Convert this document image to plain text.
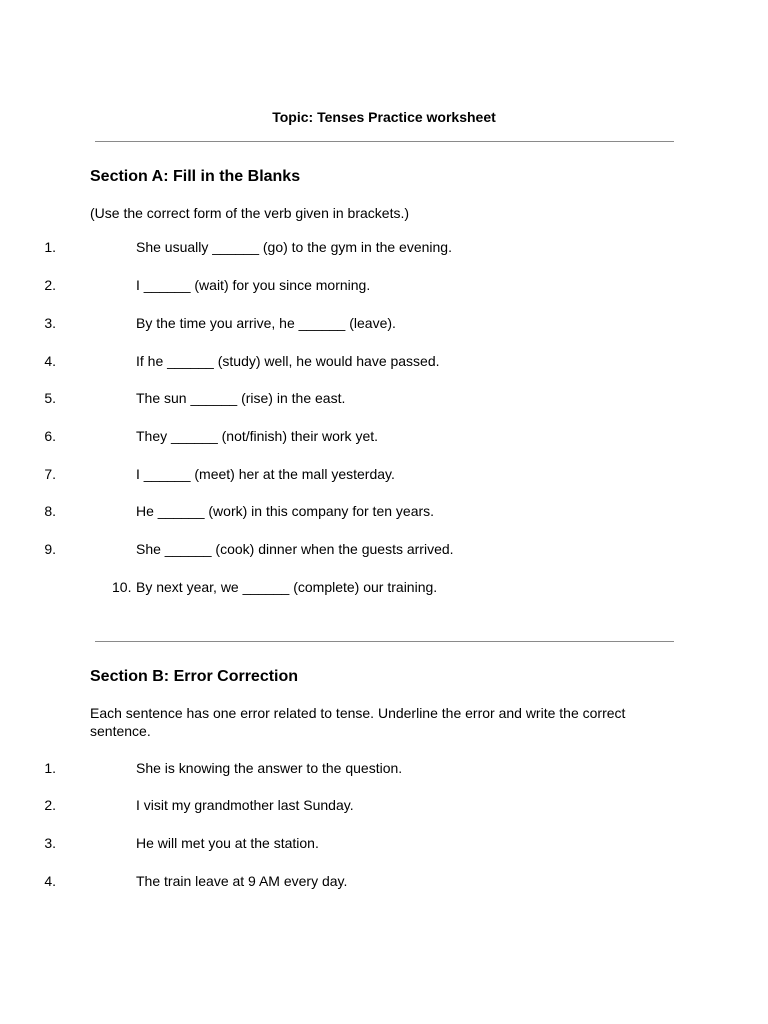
Topic: Tenses Practice worksheet
Section A: Fill in the Blanks

(Use the correct form of the verb given in brackets.)

1.	She usually ______ (go) to the gym in the evening.
2.	I ______ (wait) for you since morning.
3.	By the time you arrive, he ______ (leave).
4.	If he ______ (study) well, he would have passed.
5.	The sun ______ (rise) in the east.
6.	They ______ (not/finish) their work yet.
7.	I ______ (meet) her at the mall yesterday.
8.	He ______ (work) in this company for ten years.
9.	She ______ (cook) dinner when the guests arrived.
10. By next year, we ______ (complete) our training.
Section B: Error Correction

Each sentence has one error related to tense. Underline the error and write the correct sentence.

1.	She is knowing the answer to the question.
2.	I visit my grandmother last Sunday.
3.	He will met you at the station.
4.	The train leave at 9 AM every day.
